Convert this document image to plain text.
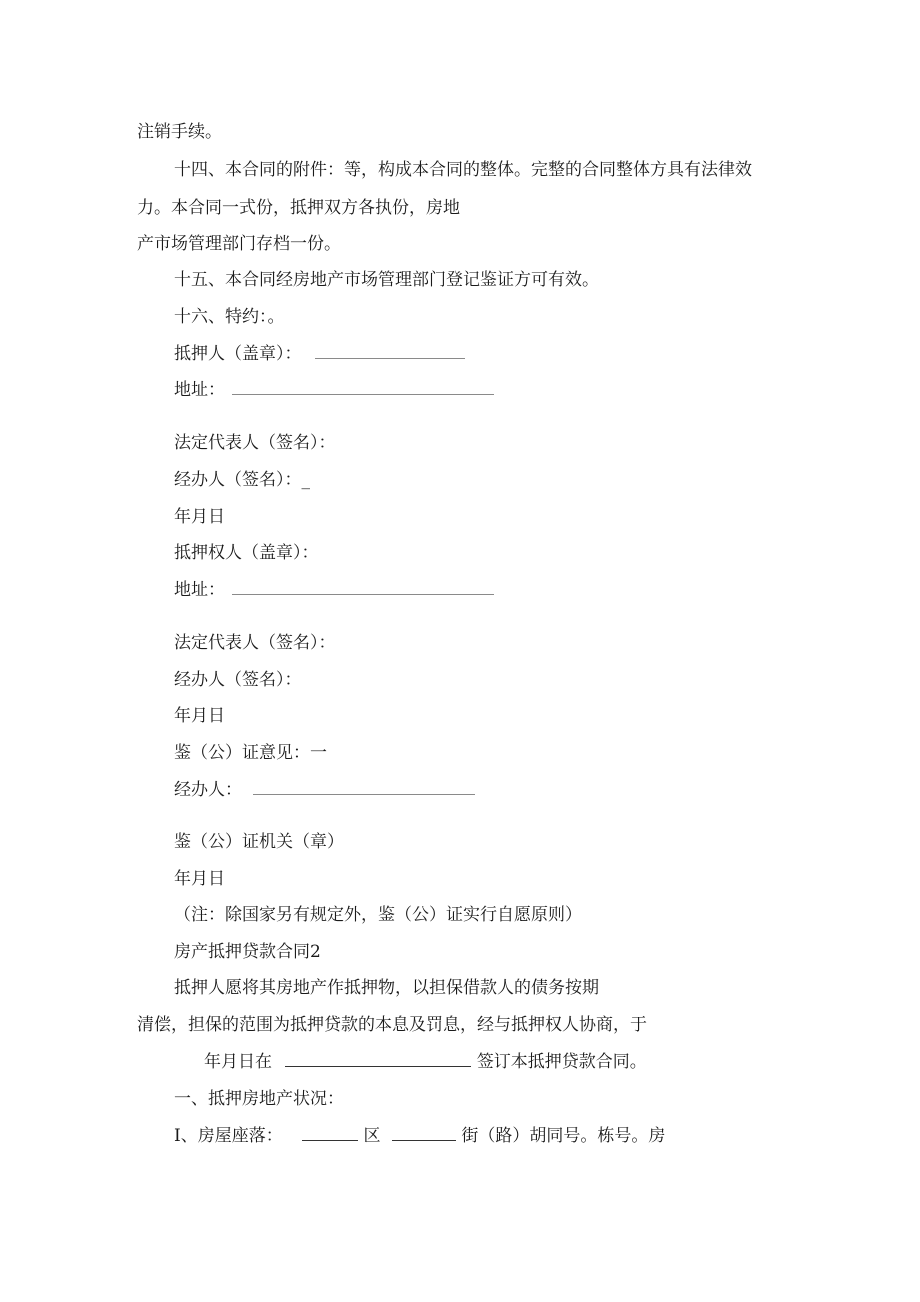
注销手续。
十四、本合同的附件：等，构成本合同的整体。完整的合同整体方具有法律效
力。本合同一式份，抵押双方各执份，房地
产市场管理部门存档一份。
十五、本合同经房地产市场管理部门登记鉴证方可有效。
十六、特约：。
抵押人（盖章）：
地址：
法定代表人（签名）：
经办人（签名）：_
年月日
抵押权人（盖章）：
地址：
法定代表人（签名）：
经办人（签名）：
年月日
鉴（公）证意见：一
经办人：
鉴（公）证机关（章）
年月日
（注：除国家另有规定外，鉴（公）证实行自愿原则）
房产抵押贷款合同2
抵押人愿将其房地产作抵押物，以担保借款人的债务按期
清偿，担保的范围为抵押贷款的本息及罚息，经与抵押权人协商，于
年月日在	签订本抵押贷款合同。
一、抵押房地产状况：
I、房屋座落：	区	街（路）胡同号。栋号。房
